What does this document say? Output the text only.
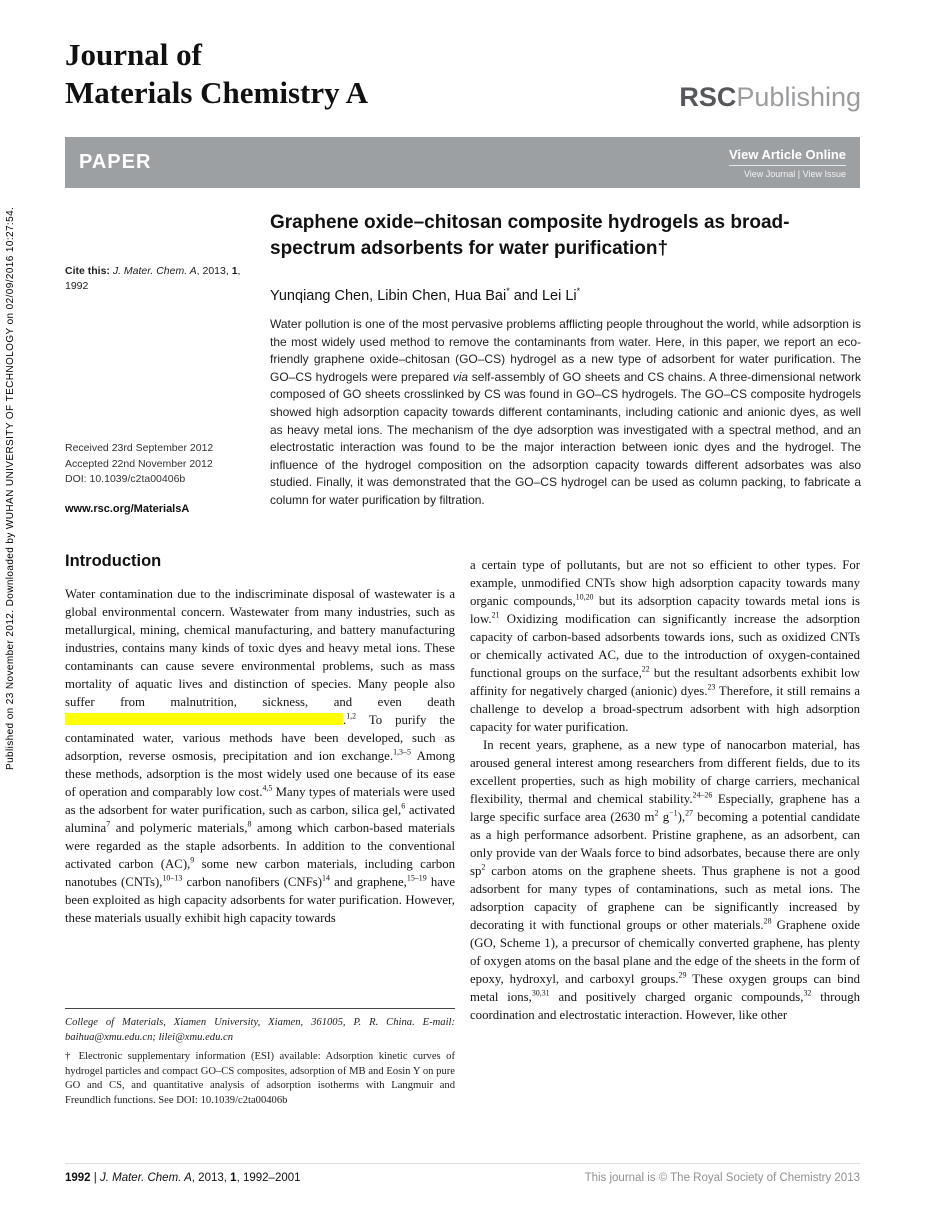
Journal of
Materials Chemistry A	RSCPublishing
PAPER	View Article Online
View Journal | View Issue
Published on 23 November 2012. Downloaded by WUHAN UNIVERSITY OF TECHNOLOGY on 02/09/2016 10:27:54.	Cite this: J. Mater. Chem. A, 2013, 1, 1992
Graphene oxide–chitosan composite hydrogels as broad-spectrum adsorbents for water purification†
Yunqiang Chen, Libin Chen, Hua Bai* and Lei Li*
Water pollution is one of the most pervasive problems afflicting people throughout the world, while adsorption is the most widely used method to remove the contaminants from water. Here, in this paper, we report an eco-friendly graphene oxide–chitosan (GO–CS) hydrogel as a new type of adsorbent for water purification. The GO–CS hydrogels were prepared via self-assembly of GO sheets and CS chains. A three-dimensional network composed of GO sheets crosslinked by CS was found in GO–CS hydrogels. The GO–CS composite hydrogels showed high adsorption capacity towards different contaminants, including cationic and anionic dyes, as well as heavy metal ions. The mechanism of the dye adsorption was investigated with a spectral method, and an electrostatic interaction was found to be the major interaction between ionic dyes and the hydrogel. The influence of the hydrogel composition on the adsorption capacity towards different adsorbates was also studied. Finally, it was demonstrated that the GO–CS hydrogel can be used as column packing, to fabricate a column for water purification by filtration.
Received 23rd September 2012
Accepted 22nd November 2012
DOI: 10.1039/c2ta00406b
www.rsc.org/MaterialsA
Introduction

Water contamination due to the indiscriminate disposal of wastewater is a global environmental concern. Wastewater from many industries, such as metallurgical, mining, chemical manufacturing, and battery manufacturing industries, contains many kinds of toxic dyes and heavy metal ions. These contaminants can cause severe environmental problems, such as mass mortality of aquatic lives and distinction of species. Many people also suffer from malnutrition, sickness, and even death .$^{1,2}$ To purify the contaminated water, various methods have been developed, such as adsorption, reverse osmosis, precipitation and ion exchange.$^{1,3-5}$ Among these methods, adsorption is the most widely used one because of its ease of operation and comparably low cost.$^{4,5}$ Many types of materials were used as the adsorbent for water purification, such as carbon, silica gel,$^6$ activated alumina$^7$ and polymeric materials,$^8$ among which carbon-based materials were regarded as the staple adsorbents. In addition to the conventional activated carbon (AC),$^9$ some new carbon materials, including carbon nanotubes (CNTs),$^{10-13}$ carbon nanofibers (CNFs)$^{14}$ and graphene,$^{15-19}$ have been exploited as high capacity adsorbents for water purification. However, these materials usually exhibit high capacity towards

a certain type of pollutants, but are not so efficient to other types. For example, unmodified CNTs show high adsorption capacity towards many organic compounds,$^{10,20}$ but its adsorption capacity towards metal ions is low.$^{21}$ Oxidizing modification can significantly increase the adsorption capacity of carbon-based adsorbents towards ions, such as oxidized CNTs or chemically activated AC, due to the introduction of oxygen-contained functional groups on the surface,$^{22}$ but the resultant adsorbents exhibit low affinity for negatively charged (anionic) dyes.$^{23}$ Therefore, it still remains a challenge to develop a broad-spectrum adsorbent with high adsorption capacity for water purification.

In recent years, graphene, as a new type of nanocarbon material, has aroused general interest among researchers from different fields, due to its excellent properties, such as high mobility of charge carriers, mechanical flexibility, thermal and chemical stability.$^{24-26}$ Especially, graphene has a large specific surface area (2630 $m^2$ $g^{-1}),^{27}$ becoming a potential candidate as a high performance adsorbent. Pristine graphene, as an adsorbent, can only provide van der Waals force to bind adsorbates, because there are only $sp^2$ carbon atoms on the graphene sheets. Thus graphene is not a good adsorbent for many types of contaminations, such as metal ions. The adsorption capacity of graphene can be significantly increased by decorating it with functional groups or other materials.$^{28}$ Graphene oxide (GO, Scheme 1), a precursor of chemically converted graphene, has plenty of oxygen atoms on the basal plane and the edge of the sheets in the form of epoxy, hydroxyl, and carboxyl groups.$^{29}$ These oxygen groups can bind metal ions,$^{30,31}$ and positively charged organic compounds,$^{32}$ through coordination and electrostatic interaction. However, like other

College of Materials, Xiamen University, Xiamen, 361005, P. R. China. E-mail: baihua@xmu.edu.cn; lilei@xmu.edu.cn
† Electronic supplementary information (ESI) available: Adsorption kinetic curves of hydrogel particles and compact GO–CS composites, adsorption of MB and Eosin Y on pure GO and CS, and quantitative analysis of adsorption isotherms with Langmuir and Freundlich functions. See DOI: 10.1039/c2ta00406b
1992 | J. Mater. Chem. A, 2013, 1, 1992–2001	This journal is © The Royal Society of Chemistry 2013
